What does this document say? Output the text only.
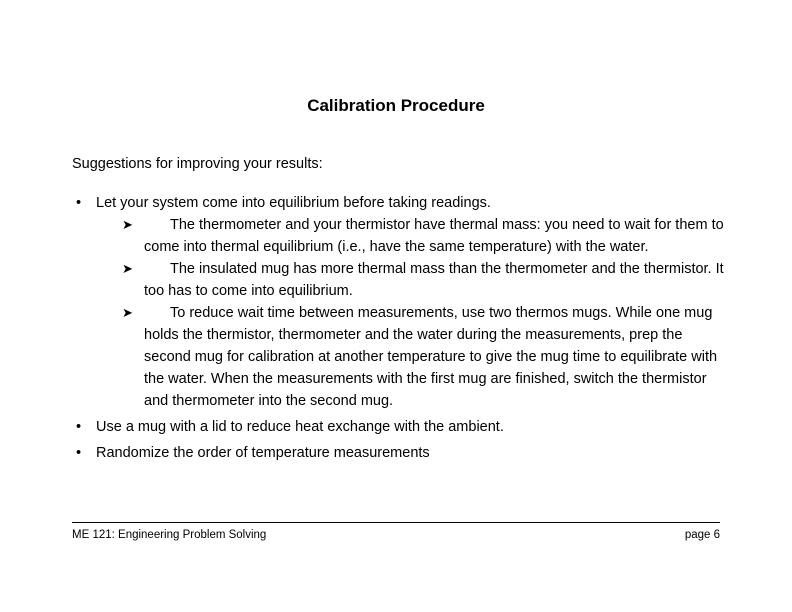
Calibration Procedure
Suggestions for improving your results:
• Let your system come into equilibrium before taking readings.
➤	The thermometer and your thermistor have thermal mass: you need to wait for them to come into thermal equilibrium (i.e., have the same temperature) with the water.
➤	The insulated mug has more thermal mass than the thermometer and the thermistor. It too has to come into equilibrium.
➤	To reduce wait time between measurements, use two thermos mugs. While one mug holds the thermistor, thermometer and the water during the measurements, prep the second mug for calibration at another temperature to give the mug time to equilibrate with the water. When the measurements with the first mug are finished, switch the thermistor and thermometer into the second mug.
• Use a mug with a lid to reduce heat exchange with the ambient.
• Randomize the order of temperature measurements
ME 121: Engineering Problem Solving	page 6
